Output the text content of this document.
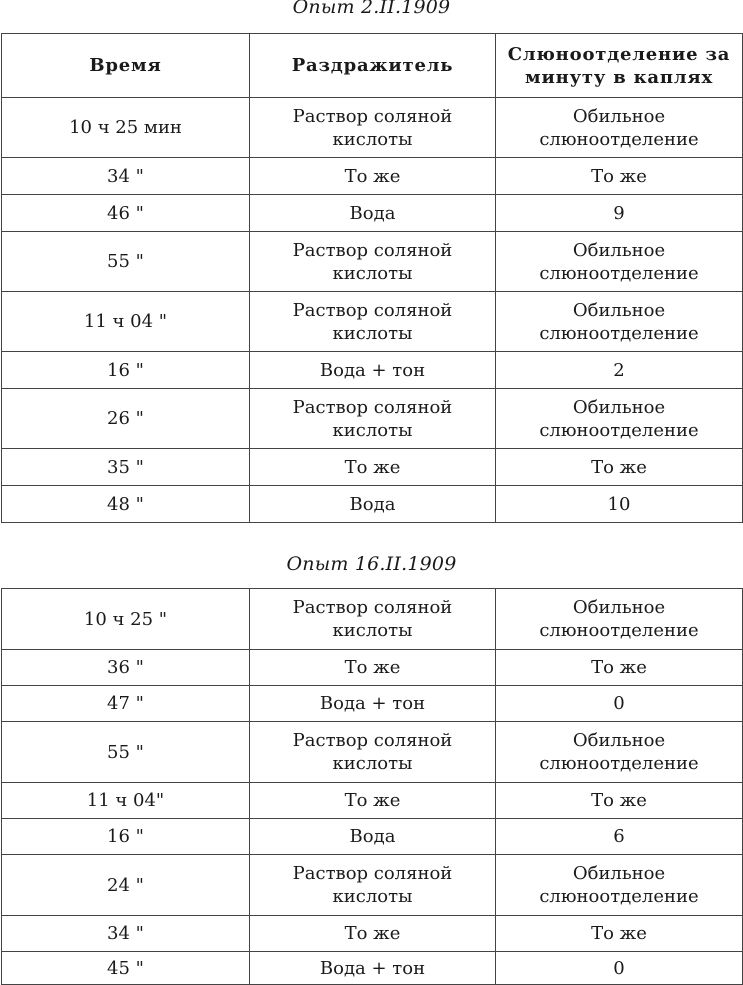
Опыт 2.II.1909
Время	Раздражитель	Слюноотделение за минуту в каплях
10 ч 25 мин	Раствор соляной кислоты	Обильное слюноотделение
34 "	То же	То же
46 "	Вода	9
55 "	Раствор соляной кислоты	Обильное слюноотделение
11 ч 04 "	Раствор соляной кислоты	Обильное слюноотделение
16 "	Вода + тон	2
26 "	Раствор соляной кислоты	Обильное слюноотделение
35 "	То же	То же
48 "	Вода	10
Опыт 16.II.1909
10 ч 25 "	Раствор соляной кислоты	Обильное слюноотделение
36 "	То же	То же
47 "	Вода + тон	0
55 "	Раствор соляной кислоты	Обильное слюноотделение
11 ч 04"	То же	То же
16 "	Вода	6
24 "	Раствор соляной кислоты	Обильное слюноотделение
34 "	То же	То же
45 "	Вода + тон	0
